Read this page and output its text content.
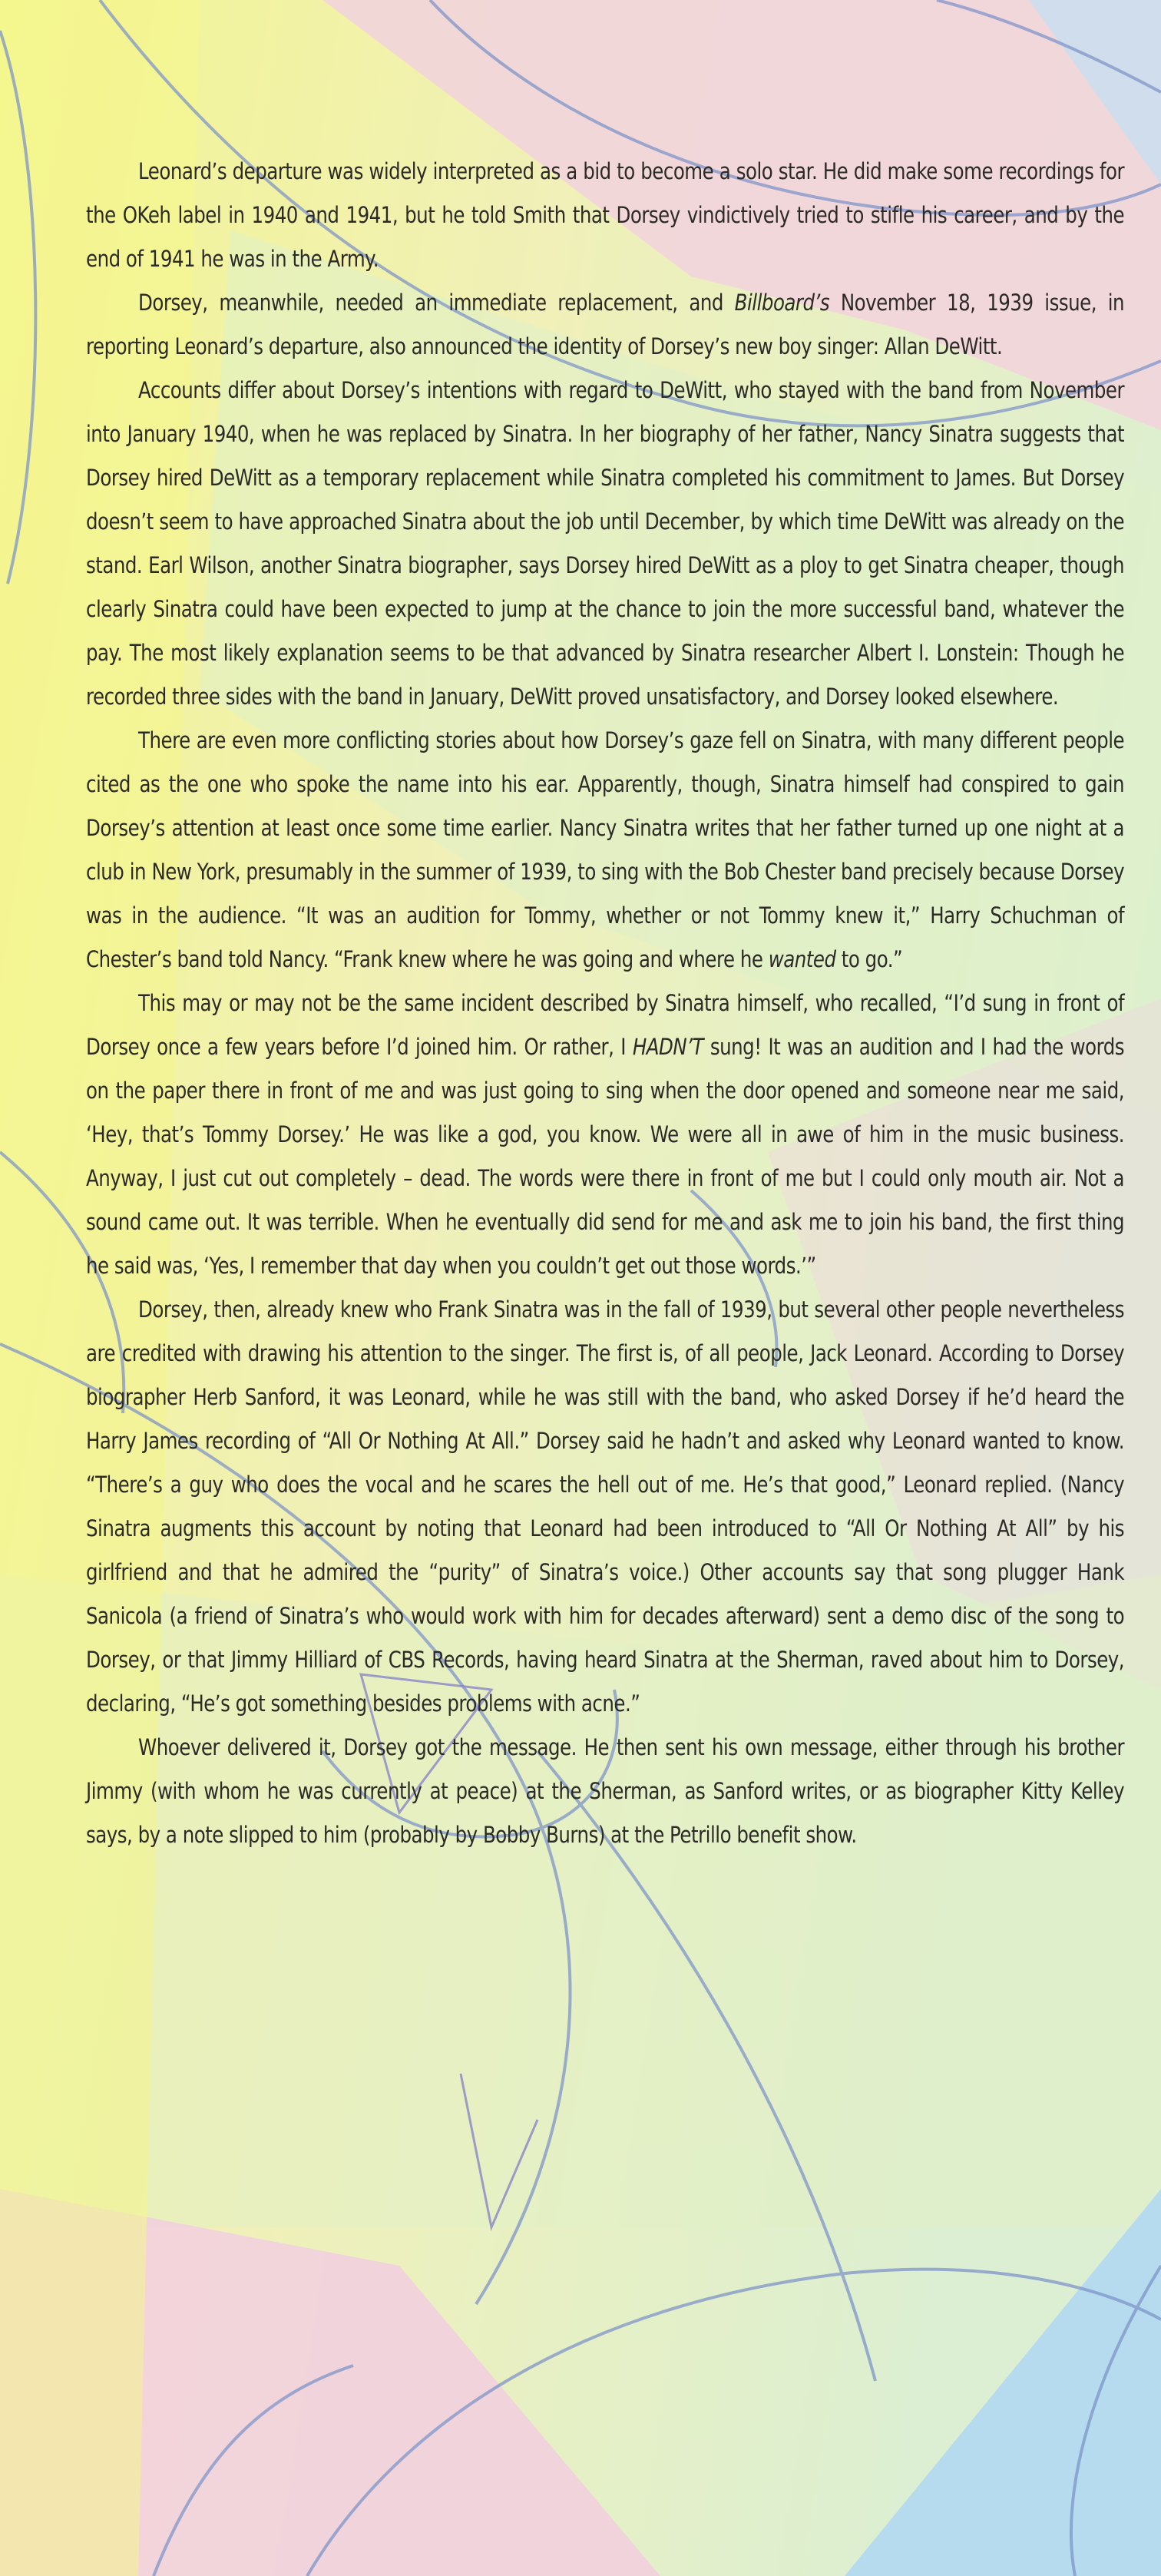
Leonard’s departure was widely interpreted as a bid to become a solo star. He did make some recordings for the OKeh label in 1940 and 1941, but he told Smith that Dorsey vindictively tried to stifle his career, and by the end of 1941 he was in the Army.

Dorsey, meanwhile, needed an immediate replacement, and Billboard’s November 18, 1939 issue, in reporting Leonard’s departure, also announced the identity of Dorsey’s new boy singer: Allan DeWitt.

Accounts differ about Dorsey’s intentions with regard to DeWitt, who stayed with the band from November into January 1940, when he was replaced by Sinatra. In her biography of her father, Nancy Sinatra suggests that Dorsey hired DeWitt as a temporary replacement while Sinatra completed his commitment to James. But Dorsey doesn’t seem to have approached Sinatra about the job until December, by which time DeWitt was already on the stand. Earl Wilson, another Sinatra biographer, says Dorsey hired DeWitt as a ploy to get Sinatra cheaper, though clearly Sinatra could have been expected to jump at the chance to join the more successful band, whatever the pay. The most likely explanation seems to be that advanced by Sinatra researcher Albert I. Lonstein: Though he recorded three sides with the band in January, DeWitt proved unsatisfactory, and Dorsey looked elsewhere.

There are even more conflicting stories about how Dorsey’s gaze fell on Sinatra, with many different people cited as the one who spoke the name into his ear. Apparently, though, Sinatra himself had conspired to gain Dorsey’s attention at least once some time earlier. Nancy Sinatra writes that her father turned up one night at a club in New York, presumably in the summer of 1939, to sing with the Bob Chester band precisely because Dorsey was in the audience. “It was an audition for Tommy, whether or not Tommy knew it,” Harry Schuchman of Chester’s band told Nancy. “Frank knew where he was going and where he wanted to go.”

This may or may not be the same incident described by Sinatra himself, who recalled, “I’d sung in front of Dorsey once a few years before I’d joined him. Or rather, I HADN’T sung! It was an audition and I had the words on the paper there in front of me and was just going to sing when the door opened and someone near me said, ‘Hey, that’s Tommy Dorsey.’ He was like a god, you know. We were all in awe of him in the music business. Anyway, I just cut out completely – dead. The words were there in front of me but I could only mouth air. Not a sound came out. It was terrible. When he eventually did send for me and ask me to join his band, the first thing he said was, ‘Yes, I remember that day when you couldn’t get out those words.’”

Dorsey, then, already knew who Frank Sinatra was in the fall of 1939, but several other people nevertheless are credited with drawing his attention to the singer. The first is, of all people, Jack Leonard. According to Dorsey biographer Herb Sanford, it was Leonard, while he was still with the band, who asked Dorsey if he’d heard the Harry James recording of “All Or Nothing At All.” Dorsey said he hadn’t and asked why Leonard wanted to know. “There’s a guy who does the vocal and he scares the hell out of me. He’s that good,” Leonard replied. (Nancy Sinatra augments this account by noting that Leonard had been introduced to “All Or Nothing At All” by his girlfriend and that he admired the “purity” of Sinatra’s voice.) Other accounts say that song plugger Hank Sanicola (a friend of Sinatra’s who would work with him for decades afterward) sent a demo disc of the song to Dorsey, or that Jimmy Hilliard of CBS Records, having heard Sinatra at the Sherman, raved about him to Dorsey, declaring, “He’s got something besides problems with acne.”

Whoever delivered it, Dorsey got the message. He then sent his own message, either through his brother Jimmy (with whom he was currently at peace) at the Sherman, as Sanford writes, or as biographer Kitty Kelley says, by a note slipped to him (probably by Bobby Burns) at the Petrillo benefit show.
